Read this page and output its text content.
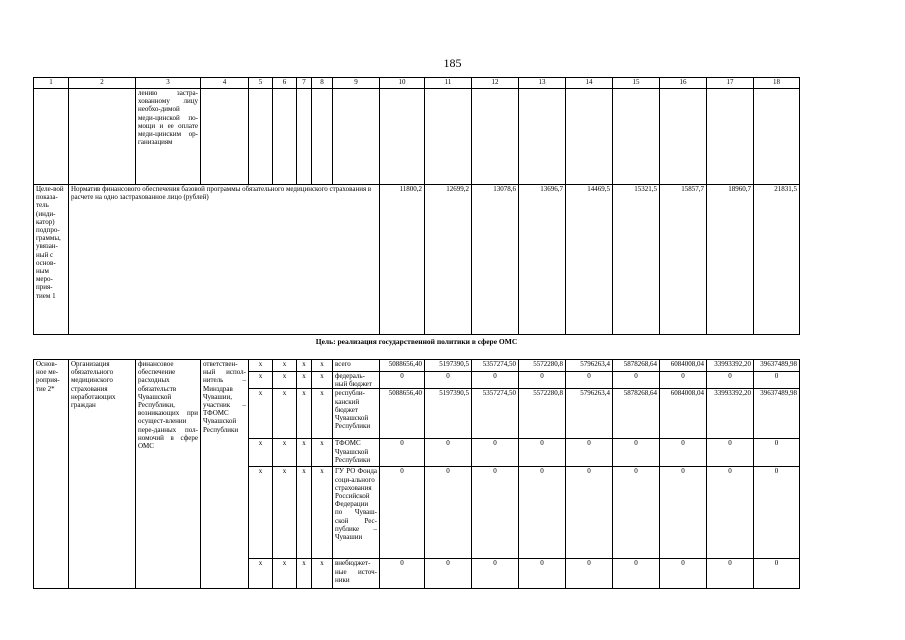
185
1	2	3	4	5	6	7	8	9	10	11	12	13	14	15	16	17	18
		лению застра-хованному лицу необхо-димой меди-цинской по-мощи и ее оплате меди-цинским ор-ганизациям															
Целе-вой показа-тель (инди-катор) подпро-граммы, увязан-ный с основ-ным меро-прия-тием 1	Норматив финансового обеспечения базовой программы обязательного медицинского страхования в расчете на одно застрахованное лицо (рублей)								11800,2	12699,2	13078,6	13696,7	14469,5	15321,5	15857,7	18960,7	21831,5
Цель: реализация государственной политики в сфере ОМС																	

Основ-ное ме-роприя-тие 2*	Организация обязательного медицинского страхования неработающих граждан	финансовое обеспечение расходных обязательств Чувашской Республики, возникающих при осущест-влении пере-данных пол-номочий в сфере ОМС	ответствен-ный испол-нитель – Минздрав Чувашии, участник – ТФОМС Чувашской Республики	x	x	x	x	всего	5088656,40	5197390,5	5357274,50	5572280,8	5796263,4	5878268,64	6084008,04	33993392,20	39637489,98
				x	x	x	x	федераль-ный бюджет	0	0	0	0	0	0	0	0	0
				x	x	x	x	республи-канский бюджет Чувашской Республики	5088656,40	5197390,5	5357274,50	5572280,8	5796263,4	5878268,64	6084008,04	33993392,20	39637489,98
				x	x	x	x	ТФОМС Чувашской Республики	0	0	0	0	0	0	0	0	0
				x	x	x	x	ГУ РО Фонда соци-ального страхования Российской Федерации по Чуваш-ской Рес-публике – Чувашии	0	0	0	0	0	0	0	0	0
				x	x	x	x	внебюджет-ные источ-ники	0	0	0	0	0	0	0	0	0
